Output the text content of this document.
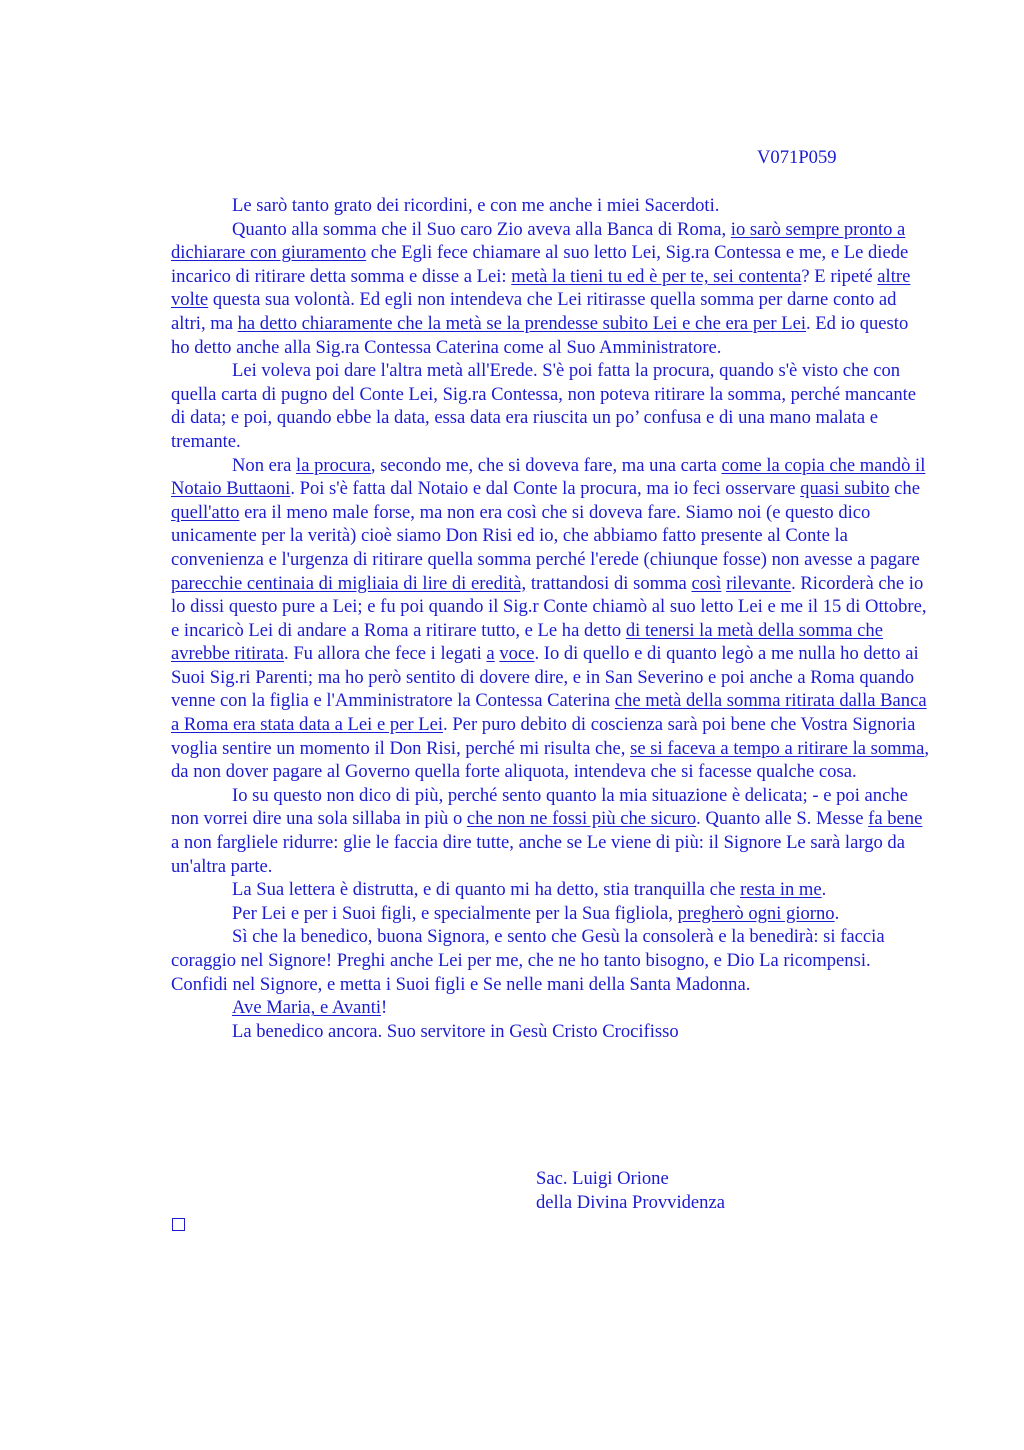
V071P059

Le sarò tanto grato dei ricordini, e con me anche i miei Sacerdoti.

Quanto alla somma che il Suo caro Zio aveva alla Banca di Roma, io sarò sempre pronto a dichiarare con giuramento che Egli fece chiamare al suo letto Lei, Sig.ra Contessa e me, e Le diede incarico di ritirare detta somma e disse a Lei: metà la tieni tu ed è per te, sei contenta? E ripeté altre volte questa sua volontà. Ed egli non intendeva che Lei ritirasse quella somma per darne conto ad altri, ma ha detto chiaramente che la metà se la prendesse subito Lei e che era per Lei. Ed io questo ho detto anche alla Sig.ra Contessa Caterina come al Suo Amministratore.

Lei voleva poi dare l'altra metà all'Erede. S'è poi fatta la procura, quando s'è visto che con quella carta di pugno del Conte Lei, Sig.ra Contessa, non poteva ritirare la somma, perché mancante di data; e poi, quando ebbe la data, essa data era riuscita un po’ confusa e di una mano malata e tremante.

Non era la procura, secondo me, che si doveva fare, ma una carta come la copia che mandò il Notaio Buttaoni. Poi s'è fatta dal Notaio e dal Conte la procura, ma io feci osservare quasi subito che quell'atto era il meno male forse, ma non era così che si doveva fare. Siamo noi (e questo dico unicamente per la verità) cioè siamo Don Risi ed io, che abbiamo fatto presente al Conte la convenienza e l'urgenza di ritirare quella somma perché l'erede (chiunque fosse) non avesse a pagare parecchie centinaia di migliaia di lire di eredità, trattandosi di somma così rilevante. Ricorderà che io lo dissi questo pure a Lei; e fu poi quando il Sig.r Conte chiamò al suo letto Lei e me il 15 di Ottobre, e incaricò Lei di andare a Roma a ritirare tutto, e Le ha detto di tenersi la metà della somma che avrebbe ritirata. Fu allora che fece i legati a voce. Io di quello e di quanto legò a me nulla ho detto ai Suoi Sig.ri Parenti; ma ho però sentito di dovere dire, e in San Severino e poi anche a Roma quando venne con la figlia e l'Amministratore la Contessa Caterina che metà della somma ritirata dalla Banca a Roma era stata data a Lei e per Lei. Per puro debito di coscienza sarà poi bene che Vostra Signoria voglia sentire un momento il Don Risi, perché mi risulta che, se si faceva a tempo a ritirare la somma, da non dover pagare al Governo quella forte aliquota, intendeva che si facesse qualche cosa.

Io su questo non dico di più, perché sento quanto la mia situazione è delicata; - e poi anche non vorrei dire una sola sillaba in più o che non ne fossi più che sicuro. Quanto alle S. Messe fa bene a non fargliele ridurre: glie le faccia dire tutte, anche se Le viene di più: il Signore Le sarà largo da un'altra parte.

La Sua lettera è distrutta, e di quanto mi ha detto, stia tranquilla che resta in me.

Per Lei e per i Suoi figli, e specialmente per la Sua figliola, pregherò ogni giorno.

Sì che la benedico, buona Signora, e sento che Gesù la consolerà e la benedirà: si faccia coraggio nel Signore! Preghi anche Lei per me, che ne ho tanto bisogno, e Dio La ricompensi. Confidi nel Signore, e metta i Suoi figli e Se nelle mani della Santa Madonna.

Ave Maria, e Avanti!

La benedico ancora. Suo servitore in Gesù Cristo Crocifisso

Sac. Luigi Orione
della Divina Provvidenza
